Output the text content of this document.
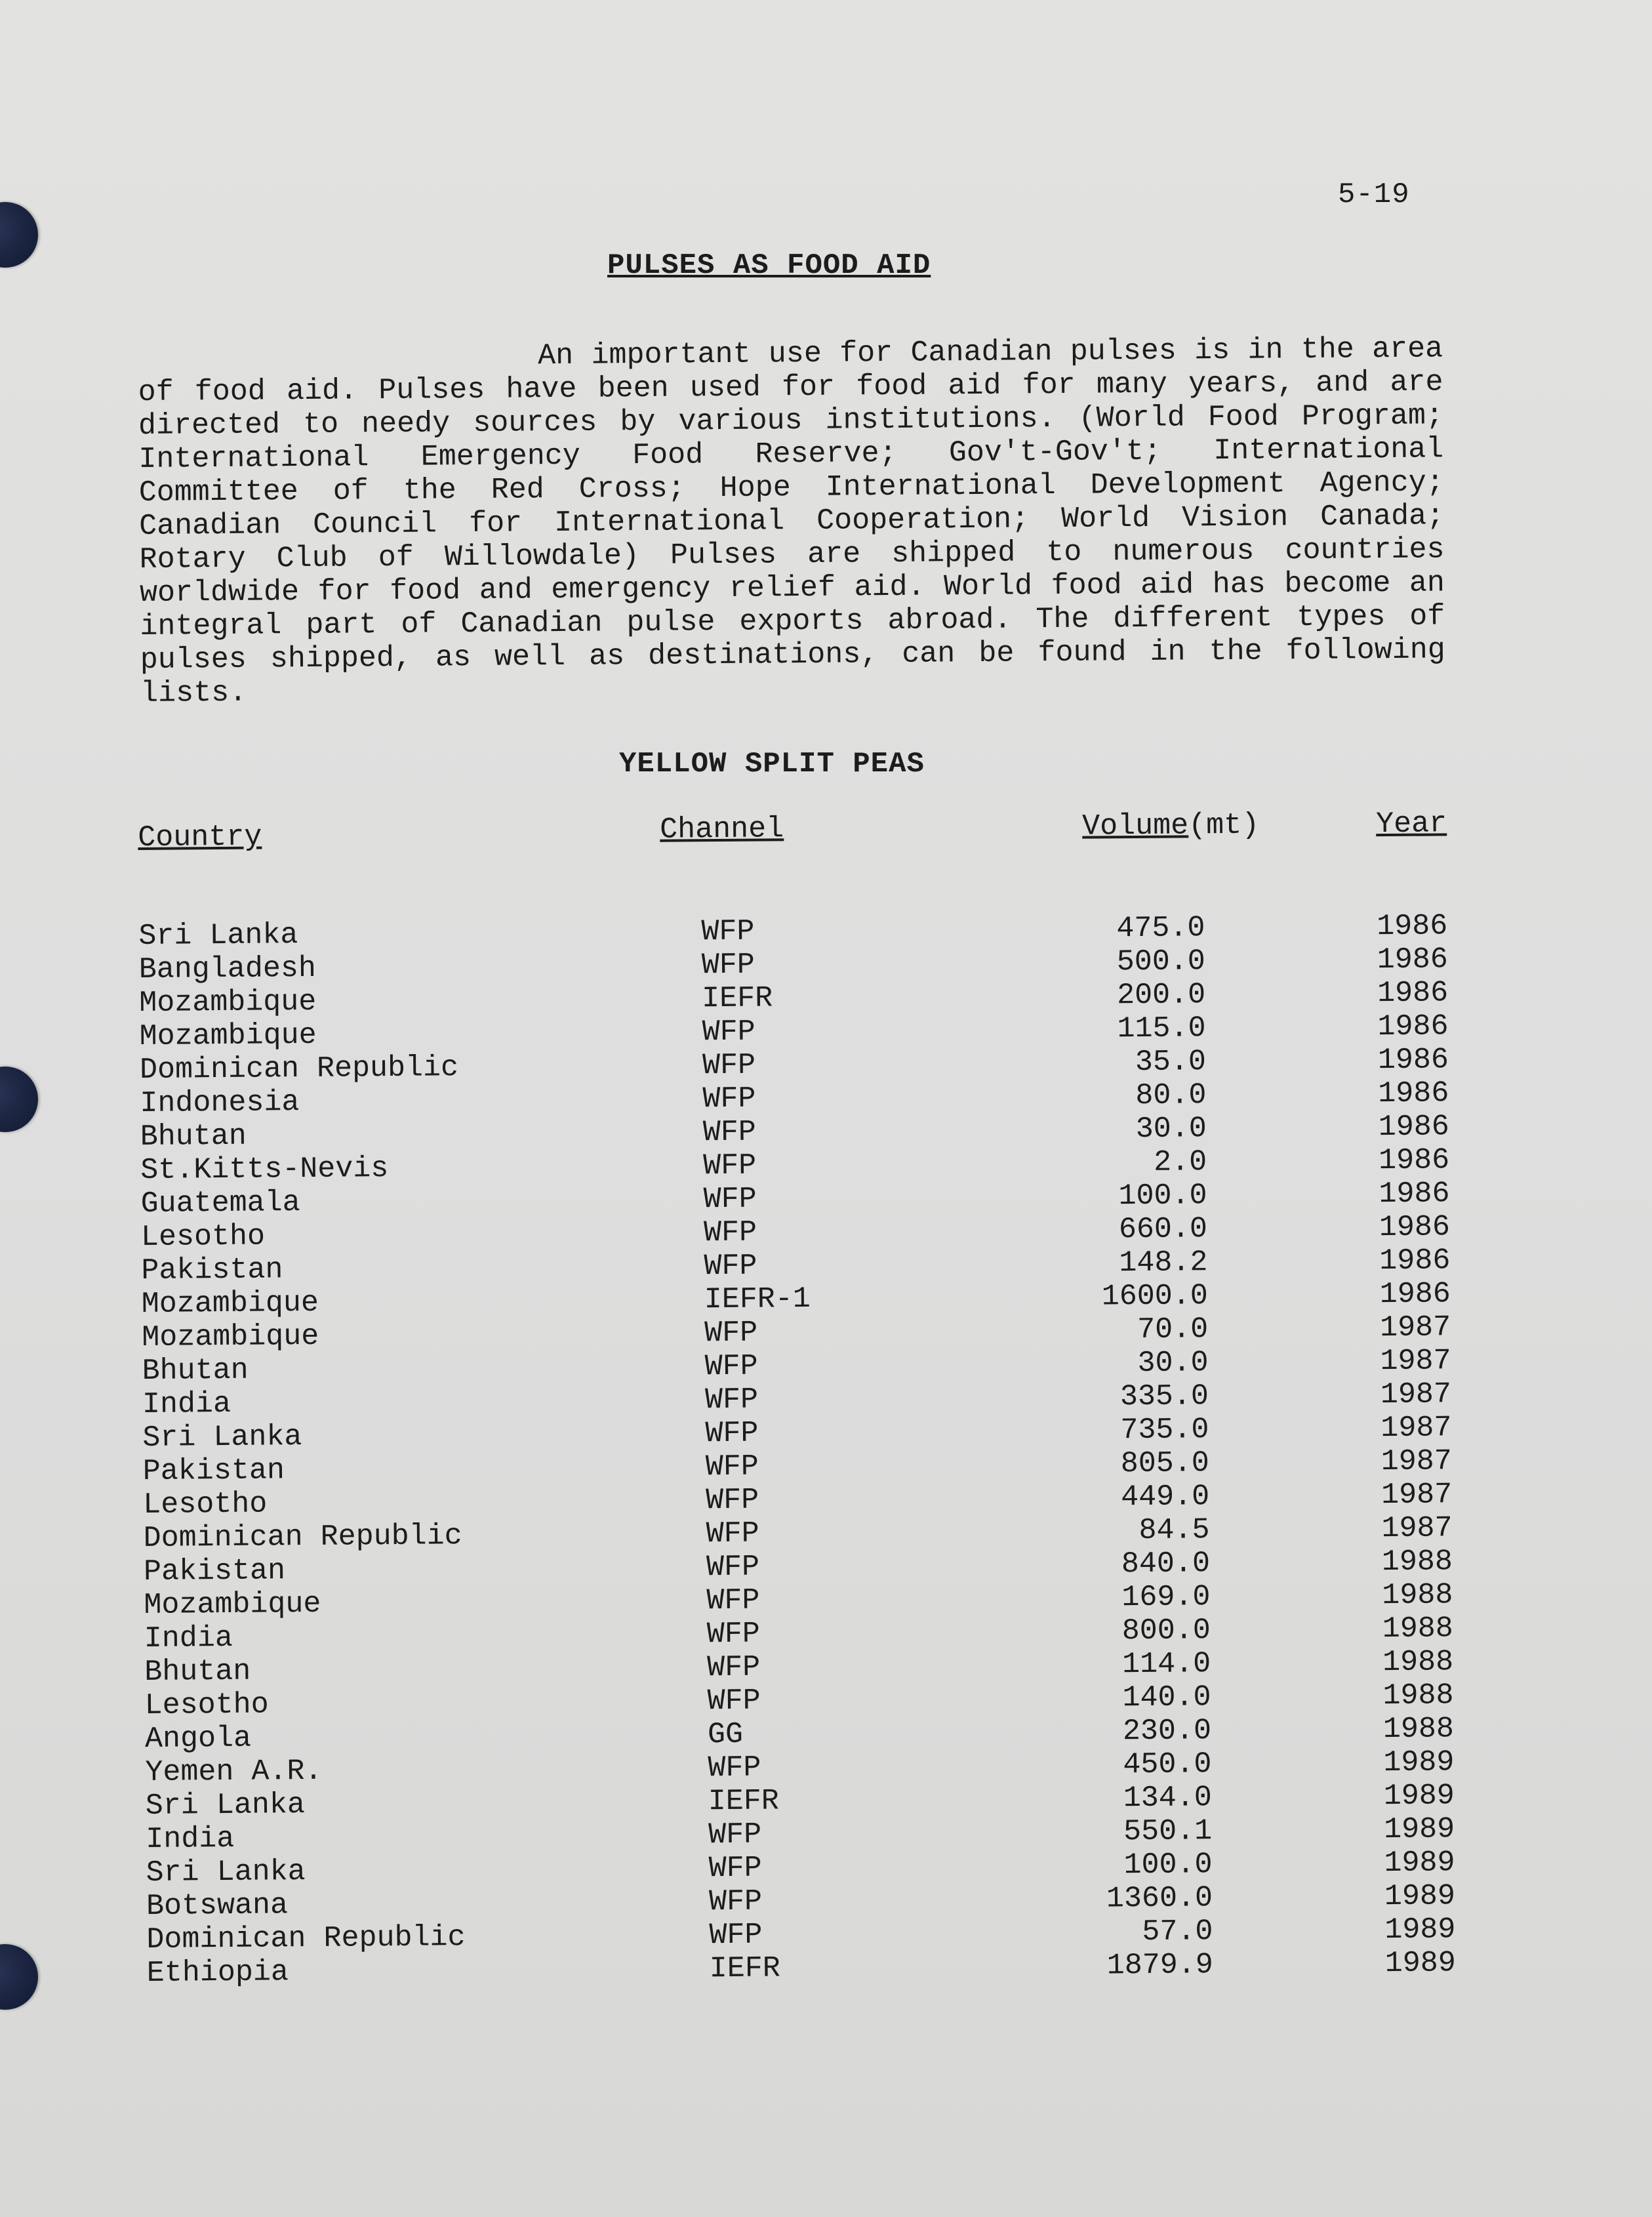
5-19
PULSES AS FOOD AID
An important use for Canadian pulses is in the area of food aid. Pulses have been used for food aid for many years, and are directed to needy sources by various institutions. (World Food Program; International Emergency Food Reserve; Gov't-Gov't; International Committee of the Red Cross; Hope International Development Agency; Canadian Council for International Cooperation; World Vision Canada; Rotary Club of Willowdale) Pulses are shipped to numerous countries worldwide for food and emergency relief aid. World food aid has become an integral part of Canadian pulse exports abroad. The different types of pulses shipped, as well as destinations, can be found in the following lists.
YELLOW SPLIT PEAS
Country	Channel	Volume(mt)	Year
Sri Lanka	WFP	475.0	1986
Bangladesh	WFP	500.0	1986
Mozambique	IEFR	200.0	1986
Mozambique	WFP	115.0	1986
Dominican Republic	WFP	35.0	1986
Indonesia	WFP	80.0	1986
Bhutan	WFP	30.0	1986
St.Kitts-Nevis	WFP	2.0	1986
Guatemala	WFP	100.0	1986
Lesotho	WFP	660.0	1986
Pakistan	WFP	148.2	1986
Mozambique	IEFR-1	1600.0	1986
Mozambique	WFP	70.0	1987
Bhutan	WFP	30.0	1987
India	WFP	335.0	1987
Sri Lanka	WFP	735.0	1987
Pakistan	WFP	805.0	1987
Lesotho	WFP	449.0	1987
Dominican Republic	WFP	84.5	1987
Pakistan	WFP	840.0	1988
Mozambique	WFP	169.0	1988
India	WFP	800.0	1988
Bhutan	WFP	114.0	1988
Lesotho	WFP	140.0	1988
Angola	GG	230.0	1988
Yemen A.R.	WFP	450.0	1989
Sri Lanka	IEFR	134.0	1989
India	WFP	550.1	1989
Sri Lanka	WFP	100.0	1989
Botswana	WFP	1360.0	1989
Dominican Republic	WFP	57.0	1989
Ethiopia	IEFR	1879.9	1989
